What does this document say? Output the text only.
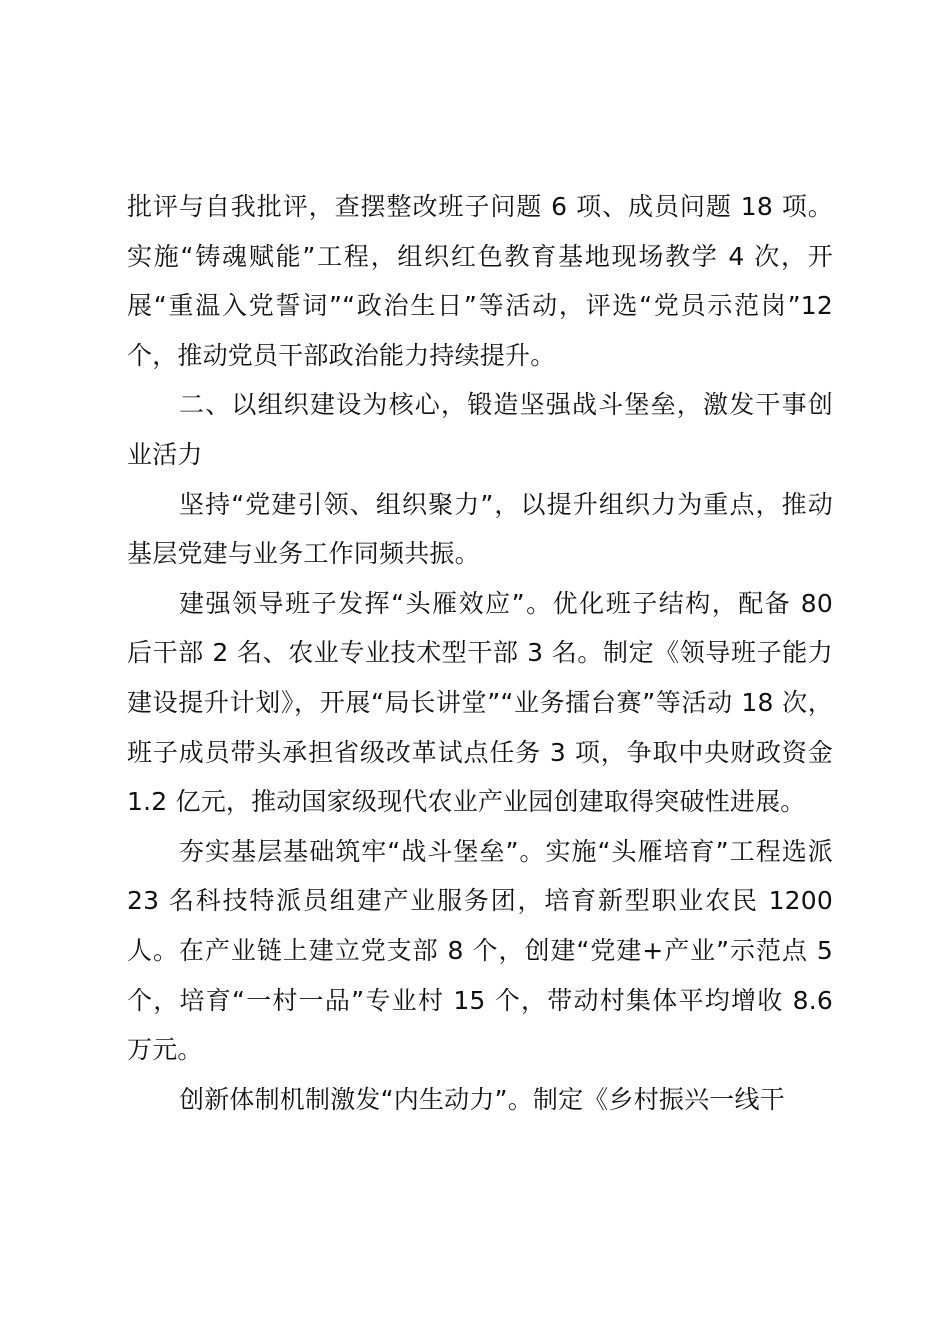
批评与自我批评，查摆整改班子问题 6 项、成员问题 18 项。实施“铸魂赋能”工程，组织红色教育基地现场教学 4 次，开展“重温入党誓词”“政治生日”等活动，评选“党员示范岗”12 个，推动党员干部政治能力持续提升。

二、以组织建设为核心，锻造坚强战斗堡垒，激发干事创业活力

坚持“党建引领、组织聚力”，以提升组织力为重点，推动基层党建与业务工作同频共振。

建强领导班子发挥“头雁效应”。优化班子结构，配备 80 后干部 2 名、农业专业技术型干部 3 名。制定《领导班子能力建设提升计划》，开展“局长讲堂”“业务擂台赛”等活动 18 次，班子成员带头承担省级改革试点任务 3 项，争取中央财政资金 1.2 亿元，推动国家级现代农业产业园创建取得突破性进展。

夯实基层基础筑牢“战斗堡垒”。实施“头雁培育”工程选派 23 名科技特派员组建产业服务团，培育新型职业农民 1200 人。在产业链上建立党支部 8 个，创建“党建+产业”示范点 5 个，培育“一村一品”专业村 15 个，带动村集体平均增收 8.6 万元。

创新体制机制激发“内生动力”。制定《乡村振兴一线干
